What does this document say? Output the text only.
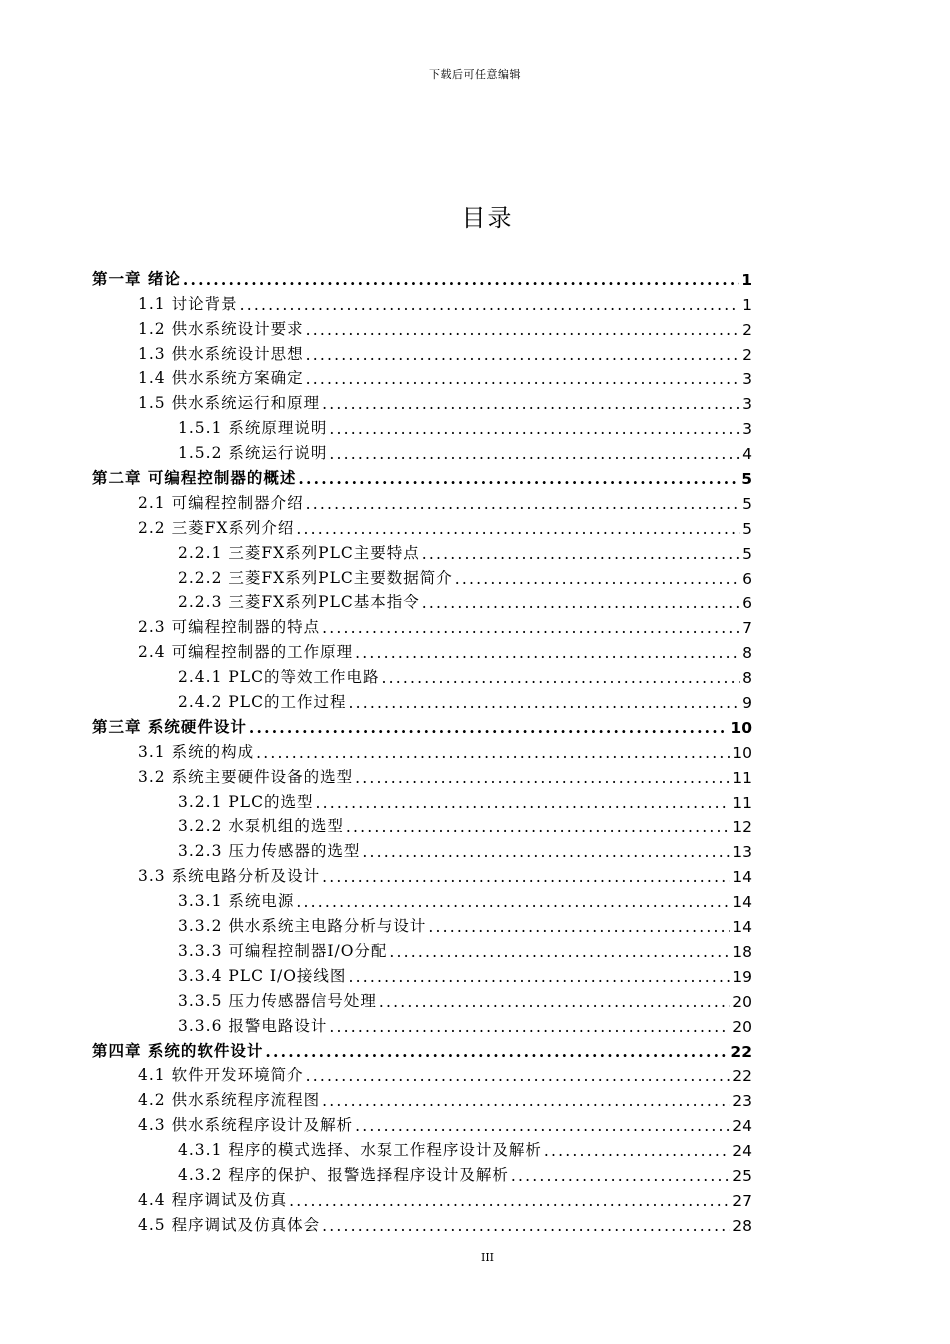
下载后可任意编辑
目录
第一章 绪论 .....	1
1.1 讨论背景 .....	1
1.2 供水系统设计要求 .....	2
1.3 供水系统设计思想 .....	2
1.4 供水系统方案确定 .....	3
1.5 供水系统运行和原理 .....	3
1.5.1 系统原理说明 .....	3
1.5.2 系统运行说明 .....	4
第二章 可编程控制器的概述 .....	5
2.1 可编程控制器介绍 .....	5
2.2 三菱FX系列介绍 .....	5
2.2.1 三菱FX系列PLC主要特点 .....	5
2.2.2 三菱FX系列PLC主要数据简介 .....	6
2.2.3 三菱FX系列PLC基本指令 .....	6
2.3 可编程控制器的特点 .....	7
2.4 可编程控制器的工作原理 .....	8
2.4.1 PLC的等效工作电路 .....	8
2.4.2 PLC的工作过程 .....	9
第三章 系统硬件设计 .....	10
3.1 系统的构成 .....	10
3.2 系统主要硬件设备的选型 .....	11
3.2.1 PLC的选型 .....	11
3.2.2 水泵机组的选型 .....	12
3.2.3 压力传感器的选型 .....	13
3.3 系统电路分析及设计 .....	14
3.3.1 系统电源 .....	14
3.3.2 供水系统主电路分析与设计 .....	14
3.3.3 可编程控制器I/O分配 .....	18
3.3.4 PLC I/O接线图 .....	19
3.3.5 压力传感器信号处理 .....	20
3.3.6 报警电路设计 .....	20
第四章 系统的软件设计 .....	22
4.1 软件开发环境简介 .....	22
4.2 供水系统程序流程图 .....	23
4.3 供水系统程序设计及解析 .....	24
4.3.1 程序的模式选择、水泵工作程序设计及解析 .....	24
4.3.2 程序的保护、报警选择程序设计及解析 .....	25
4.4 程序调试及仿真 .....	27
4.5 程序调试及仿真体会 .....	28
III
